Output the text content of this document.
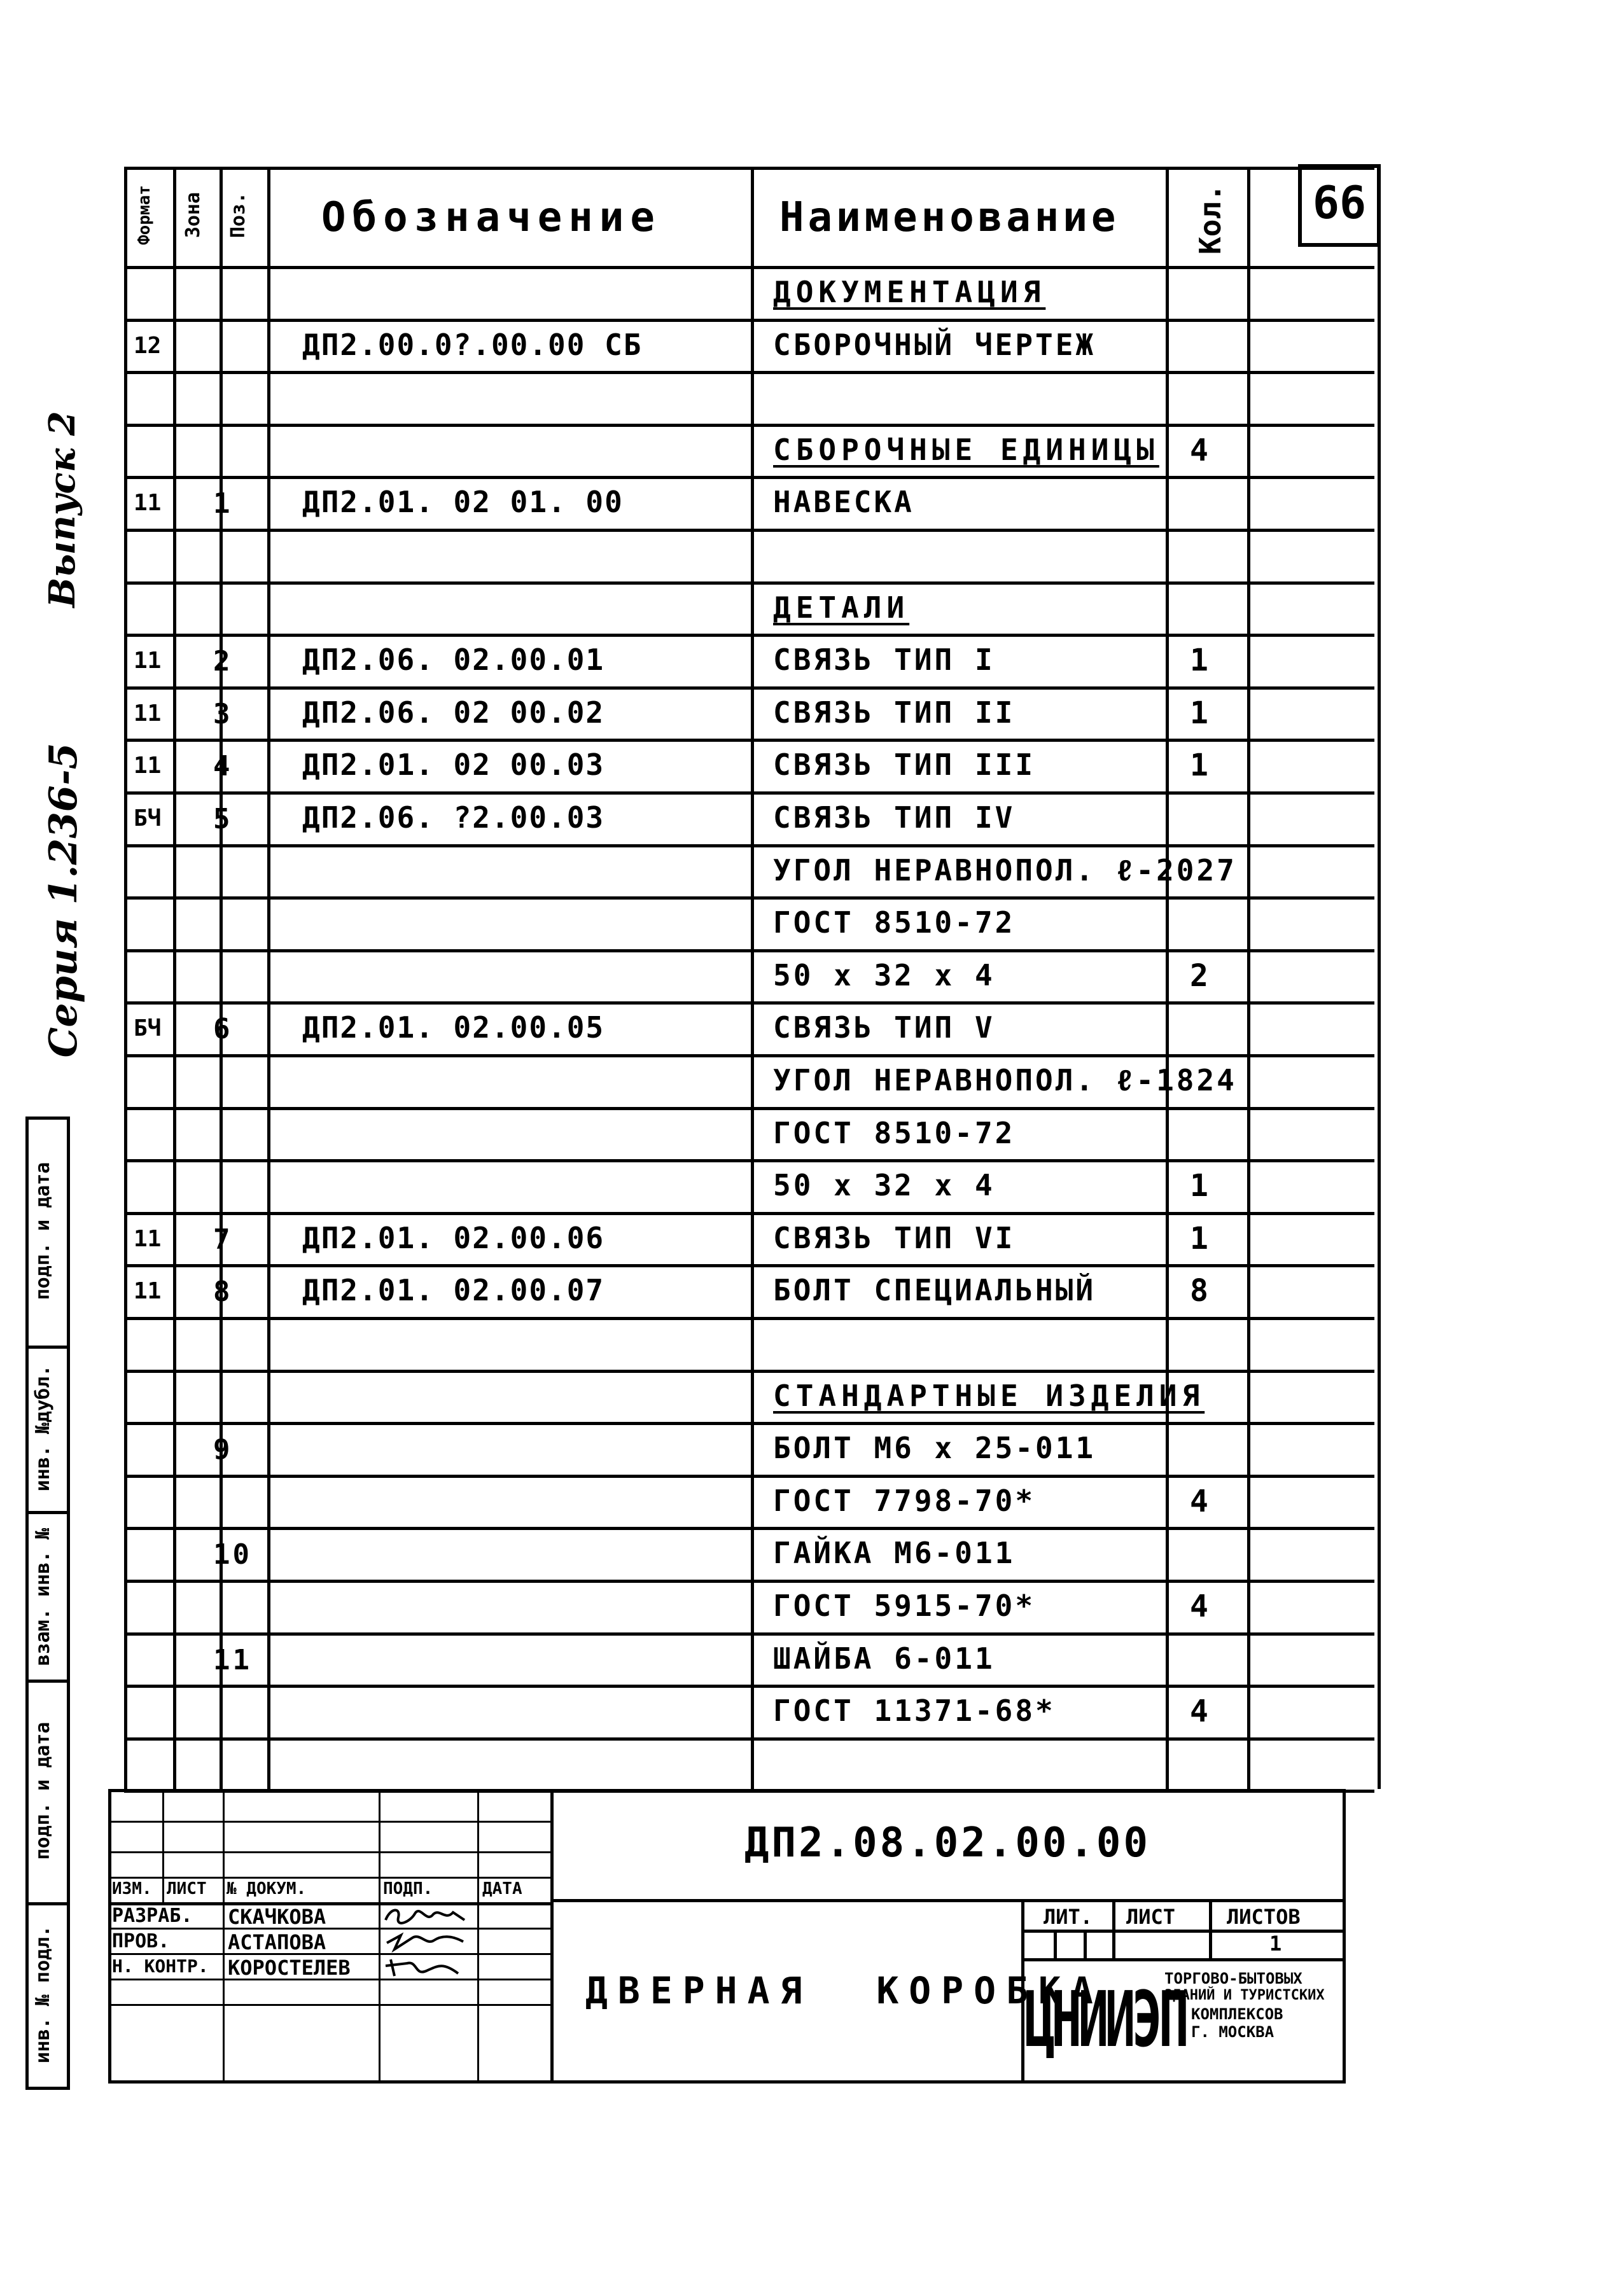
Выпуск 2
Серия 1.236-5
подп. и дата
инв. №дубл.
взам. инв. №
подп. и дата
инв. № подл.
66
Формат	Зона Поз. Обозначение	Наименование	Кол.
ДОКУМЕНТАЦИЯ
12	ДП2.00.0?.00.00 СБ	СБОРОЧНЫЙ ЧЕРТЕЖ
СБОРОЧНЫЕ ЕДИНИЦЫ 4
11 1 ДП2.01. 02 01. 00	НАВЕСКА
ДЕТАЛИ
11 2 ДП2.06. 02.00.01	СВЯЗЬ ТИП I	1
11 3 ДП2.06. 02 00.02	СВЯЗЬ ТИП II	1
11 4 ДП2.01. 02 00.03	СВЯЗЬ ТИП III	1
БЧ 5 ДП2.06. ?2.00.03	СВЯЗЬ ТИП IV
УГОЛ НЕРАВНОПОЛ. ℓ-2027
ГОСТ 8510-72
50 x 32 x 4	2
БЧ 6 ДП2.01. 02.00.05	СВЯЗЬ ТИП V
УГОЛ НЕРАВНОПОЛ. ℓ-1824
ГОСТ 8510-72
50 x 32 x 4	1
11 7 ДП2.01. 02.00.06	СВЯЗЬ ТИП VI	1
11 8 ДП2.01. 02.00.07	БОЛТ СПЕЦИАЛЬНЫЙ	8
СТАНДАРТНЫЕ ИЗДЕЛИЯ
9	БОЛТ М6 x 25-011
ГОСТ 7798-70*	4
10	ГАЙКА М6-011
ГОСТ 5915-70*	4
11	ШАЙБА 6-011
ГОСТ 11371-68*	4
ИЗМ. ЛИСТ № ДОКУМ.	ПОДП.	ДАТА
РАЗРАБ. СКАЧКОВА
ПРОВ.	АСТАПОВА
Н. КОНТР. КОРОСТЕЛЕВ
ДП2.08.02.00.00
ДВЕРНАЯ КОРОБКА
ЛИТ. ЛИСТ	ЛИСТОВ
1
ЦНИИЭП
ТОРГОВО-БЫТОВЫХ
ЗДАНИЙ И ТУРИСТСКИХ
КОМПЛЕКСОВ
Г. МОСКВА
